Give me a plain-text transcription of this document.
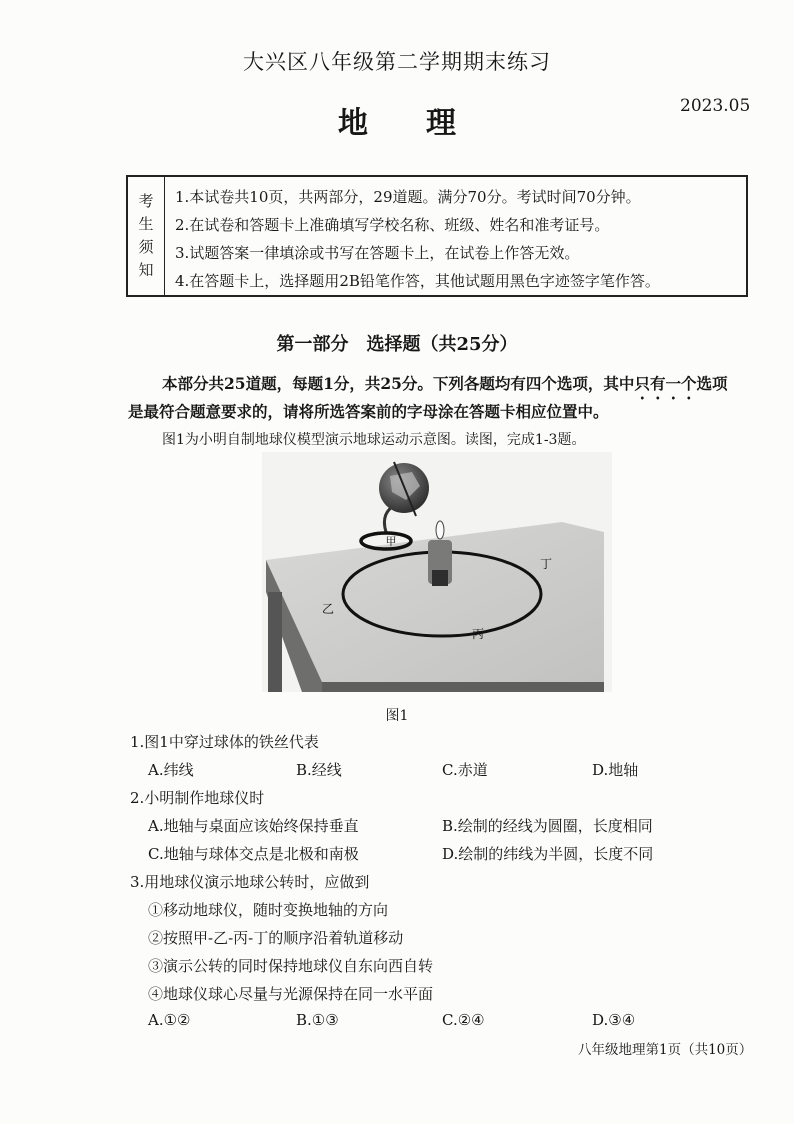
大兴区八年级第二学期期末练习
地理	2023.05
考
生
须
知
1.本试卷共10页，共两部分，29道题。满分70分。考试时间70分钟。
2.在试卷和答题卡上准确填写学校名称、班级、姓名和准考证号。
3.试题答案一律填涂或书写在答题卡上，在试卷上作答无效。
4.在答题卡上，选择题用2B铅笔作答，其他试题用黑色字迹签字笔作答。
第一部分　选择题（共25分）
本部分共25道题，每题1分，共25分。下列各题均有四个选项，其中只有一个选项
是最符合题意要求的，请将所选答案前的字母涂在答题卡相应位置中。
图1为小明自制地球仪模型演示地球运动示意图。读图，完成1-3题。
甲
乙
丙
丁
图1
1.图1中穿过球体的铁丝代表
A.纬线	B.经线	C.赤道	D.地轴
2.小明制作地球仪时
A.地轴与桌面应该始终保持垂直	B.绘制的经线为圆圈，长度相同
C.地轴与球体交点是北极和南极	D.绘制的纬线为半圆，长度不同
3.用地球仪演示地球公转时，应做到
①移动地球仪，随时变换地轴的方向
②按照甲-乙-丙-丁的顺序沿着轨道移动
③演示公转的同时保持地球仪自东向西自转
④地球仪球心尽量与光源保持在同一水平面
A.①②	B.①③	C.②④	D.③④
八年级地理第1页（共10页）
